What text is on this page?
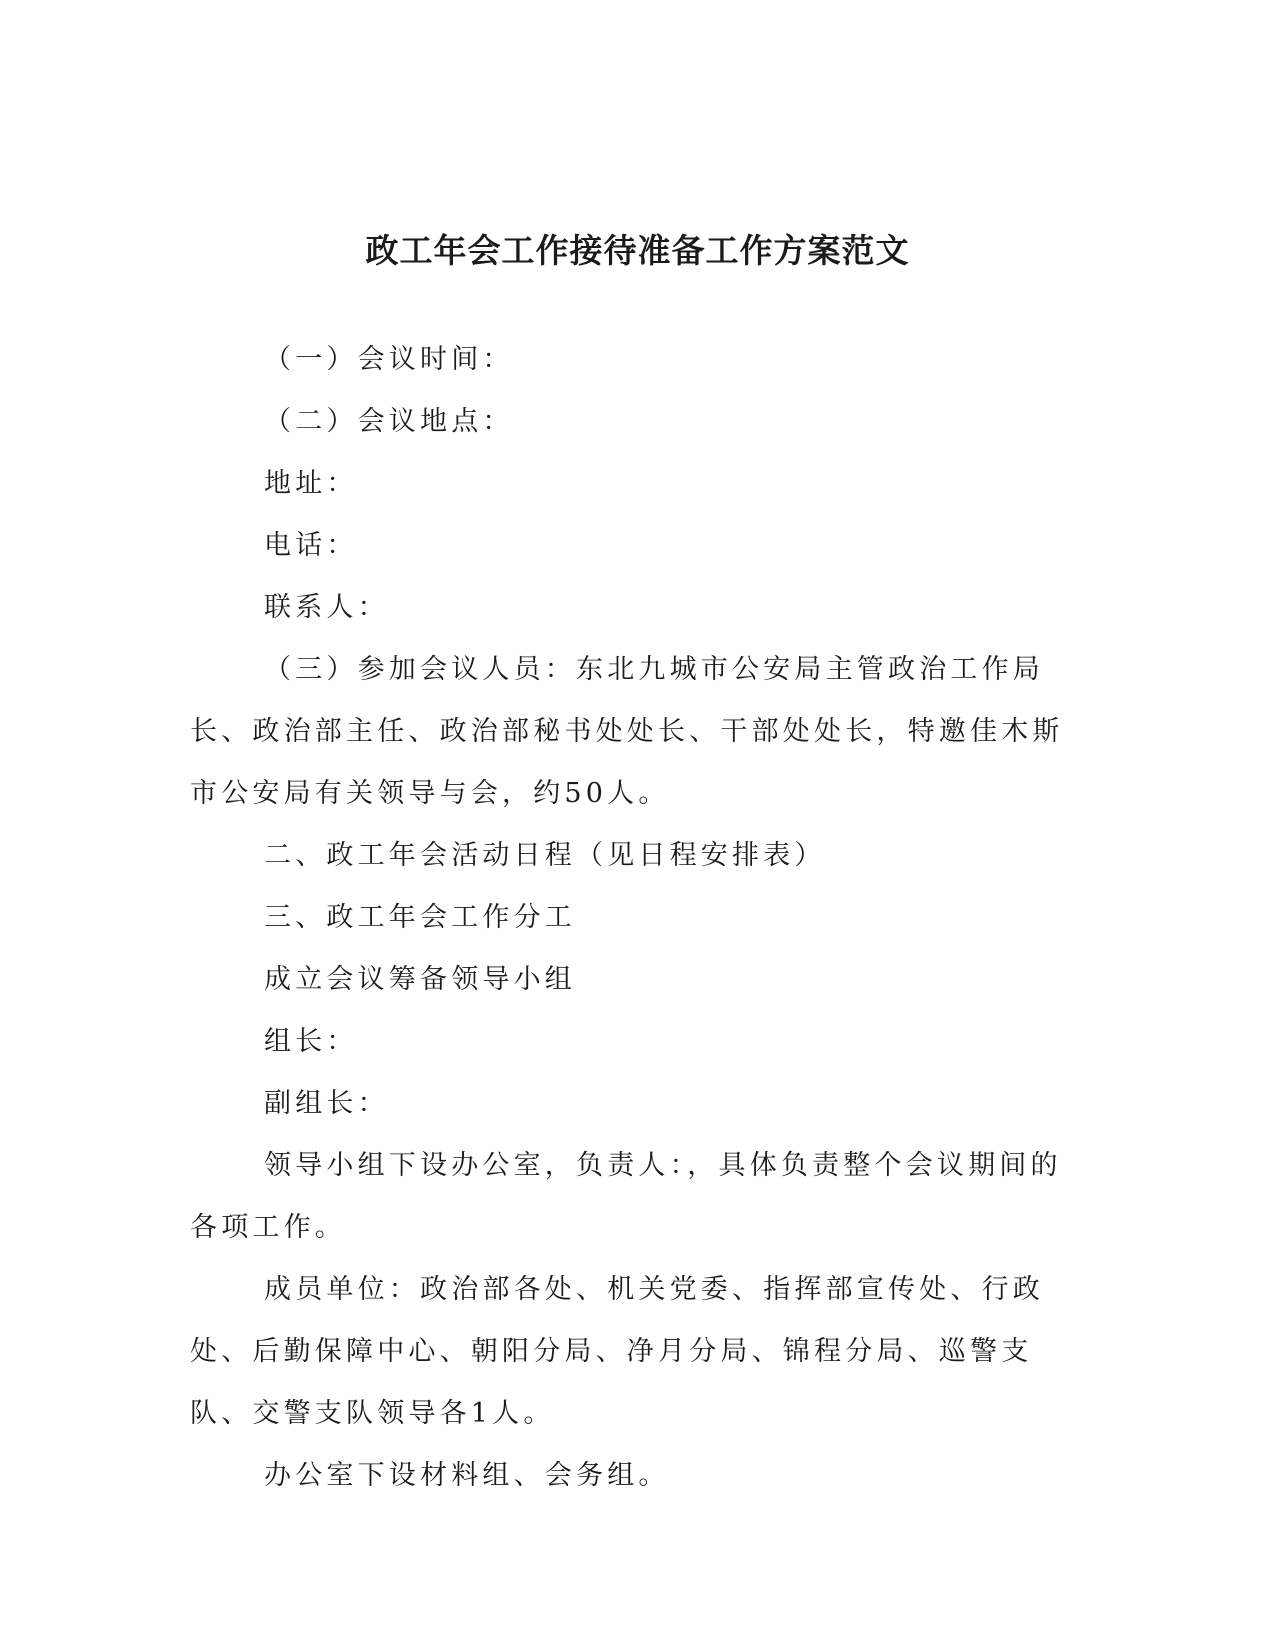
政工年会工作接待准备工作方案范文

（一）会议时间：

（二）会议地点：

地址：

电话：

联系人：

（三）参加会议人员：东北九城市公安局主管政治工作局长、政治部主任、政治部秘书处处长、干部处处长，特邀佳木斯市公安局有关领导与会，约50人。

二、政工年会活动日程（见日程安排表）

三、政工年会工作分工

成立会议筹备领导小组

组长：

副组长：

领导小组下设办公室，负责人：，具体负责整个会议期间的各项工作。

成员单位：政治部各处、机关党委、指挥部宣传处、行政处、后勤保障中心、朝阳分局、净月分局、锦程分局、巡警支队、交警支队领导各1人。

办公室下设材料组、会务组。
